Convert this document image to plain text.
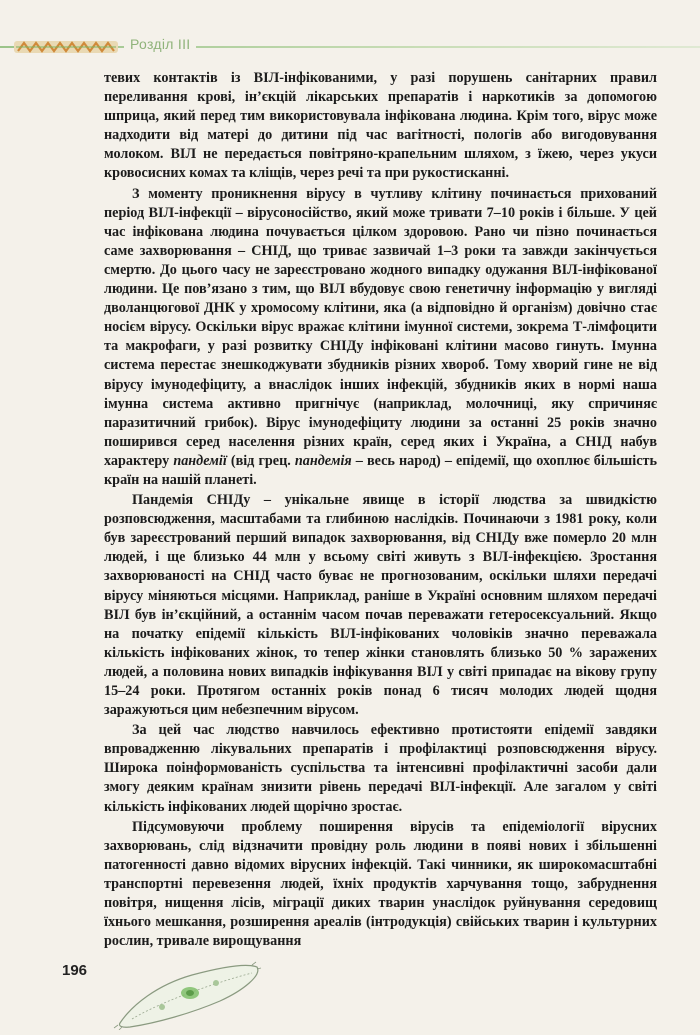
Розділ III

тевих контактів із ВІЛ-інфікованими, у разі порушень санітарних правил переливання крові, ін’єкцій лікарських препаратів і наркотиків за допомогою шприца, який перед тим використовувала інфікована людина. Крім того, вірус може надходити від матері до дитини під час вагітності, пологів або вигодовування молоком. ВІЛ не передається повітряно-крапельним шляхом, з їжею, через укуси кровосисних комах та кліщів, через речі та при рукостисканні.

З моменту проникнення вірусу в чутливу клітину починається прихований період ВІЛ-інфекції – вірусоносійство, який може тривати 7–10 років і більше. У цей час інфікована людина почувається цілком здоровою. Рано чи пізно починається саме захворювання – СНІД, що триває зазвичай 1–3 роки та завжди закінчується смертю. До цього часу не зареєстровано жодного випадку одужання ВІЛ-інфікованої людини. Це пов’язано з тим, що ВІЛ вбудовує свою генетичну інформацію у вигляді дволанцюгової ДНК у хромосому клітини, яка (а відповідно й організм) довічно стає носієм вірусу. Оскільки вірус вражає клітини імунної системи, зокрема Т-лімфоцити та макрофаги, у разі розвитку СНІДу інфіковані клітини масово гинуть. Імунна система перестає знешкоджувати збудників різних хвороб. Тому хворий гине не від вірусу імунодефіциту, а внаслідок інших інфекцій, збудників яких в нормі наша імунна система активно пригнічує (наприклад, молочниці, яку спричиняє паразитичний грибок). Вірус імунодефіциту людини за останні 25 років значно поширився серед населення різних країн, серед яких і Україна, а СНІД набув характеру пандемії (від грец. пандемія – весь народ) – епідемії, що охоплює більшість країн на нашій планеті.

Пандемія СНІДу – унікальне явище в історії людства за швидкістю розповсюдження, масштабами та глибиною наслідків. Починаючи з 1981 року, коли був зареєстрований перший випадок захворювання, від СНІДу вже померло 20 млн людей, і ще близько 44 млн у всьому світі живуть з ВІЛ-інфекцією. Зростання захворюваності на СНІД часто буває не прогнозованим, оскільки шляхи передачі вірусу міняються місцями. Наприклад, раніше в Україні основним шляхом передачі ВІЛ був ін’єкційний, а останнім часом почав переважати гетеросексуальний. Якщо на початку епідемії кількість ВІЛ-інфікованих чоловіків значно переважала кількість інфікованих жінок, то тепер жінки становлять близько 50 % заражених людей, а половина нових випадків інфікування ВІЛ у світі припадає на вікову групу 15–24 роки. Протягом останніх років понад 6 тисяч молодих людей щодня заражуються цим небезпечним вірусом.

За цей час людство навчилось ефективно протистояти епідемії завдяки впровадженню лікувальних препаратів і профілактиці розповсюдження вірусу. Широка поінформованість суспільства та інтенсивні профілактичні засоби дали змогу деяким країнам знизити рівень передачі ВІЛ-інфекції. Але загалом у світі кількість інфікованих людей щорічно зростає.

Підсумовуючи проблему поширення вірусів та епідеміології вірусних захворювань, слід відзначити провідну роль людини в появі нових і збільшенні патогенності давно відомих вірусних інфекцій. Такі чинники, як широкомасштабні транспортні перевезення людей, їхніх продуктів харчування тощо, забруднення повітря, нищення лісів, міграції диких тварин унаслідок руйнування середовищ їхнього мешкання, розширення ареалів (інтродукція) свійських тварин і культурних рослин, тривале вирощування

196
